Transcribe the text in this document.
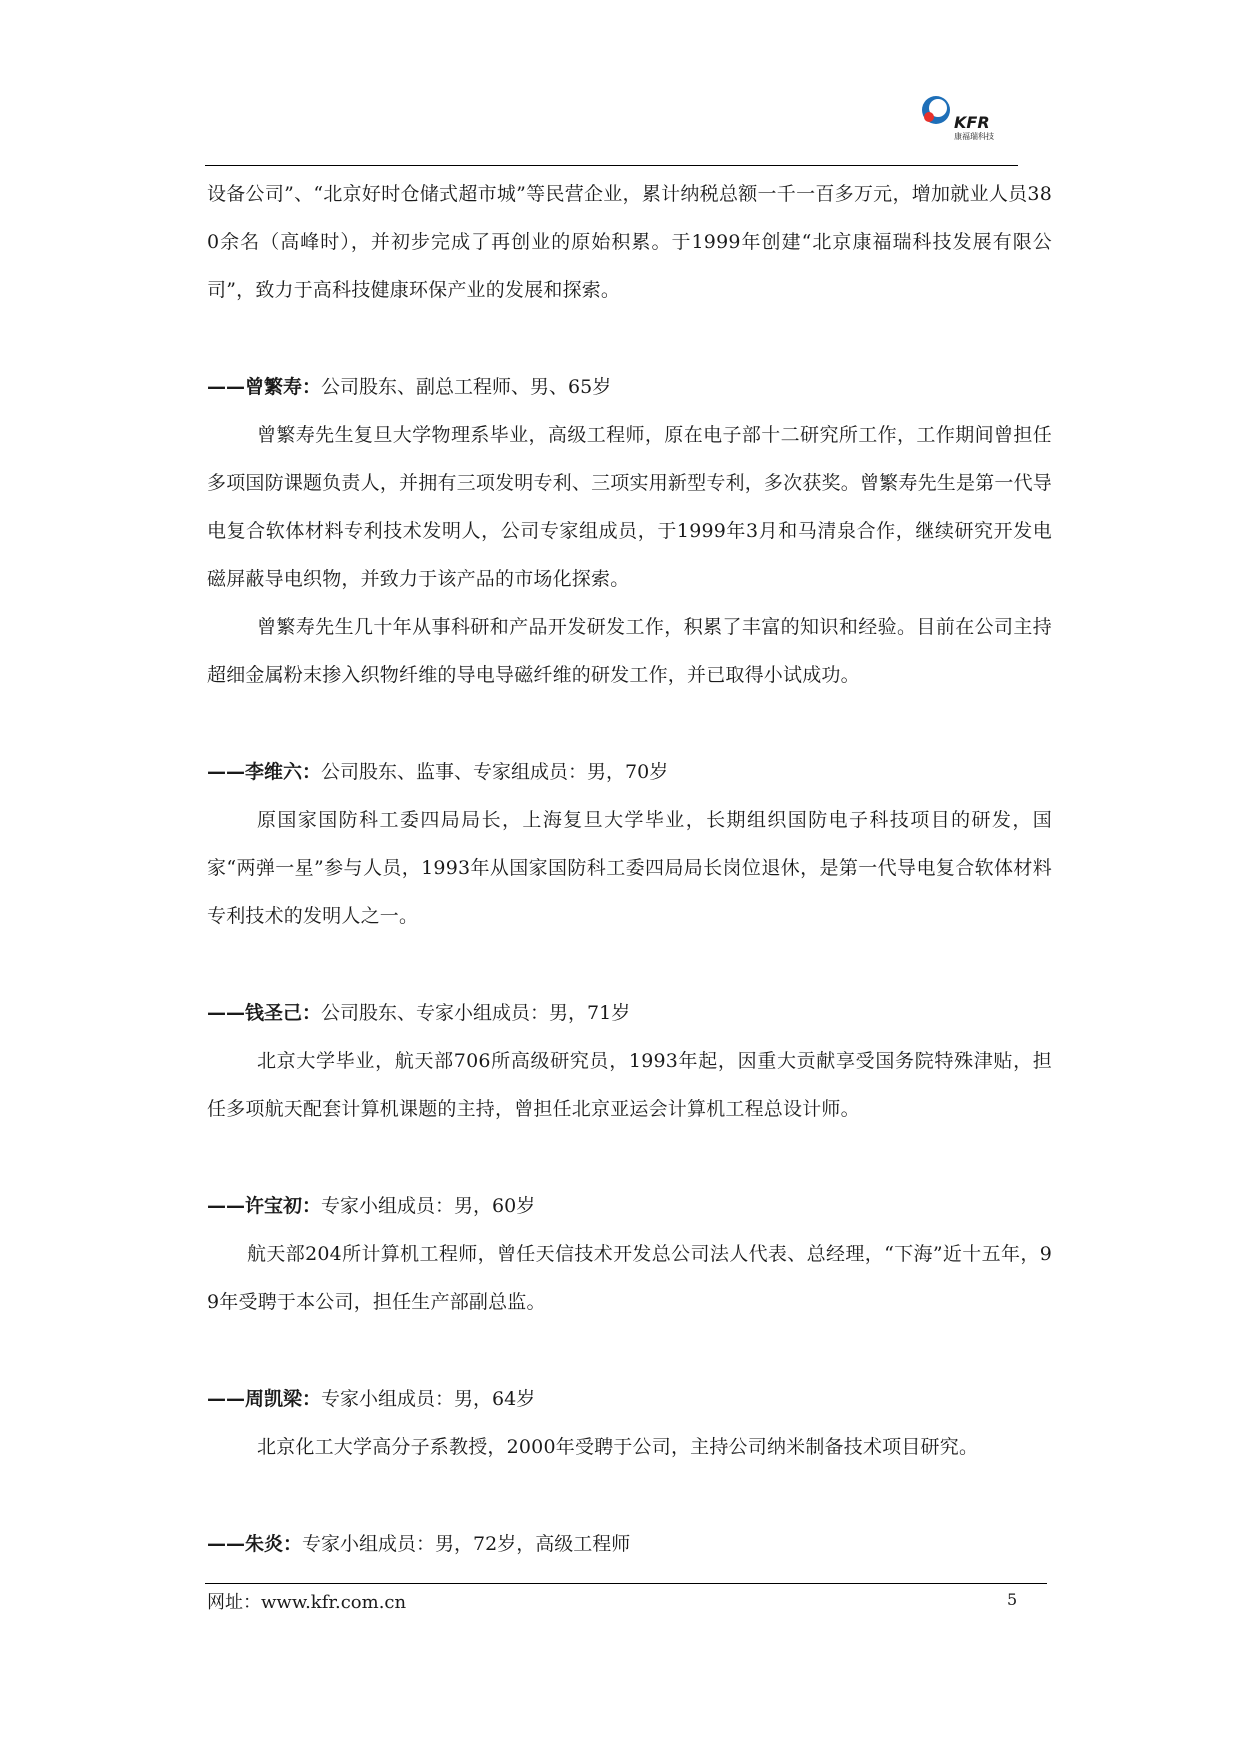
KFR
康福瑞科技

设备公司”、“北京好时仓储式超市城”等民营企业，累计纳税总额一千一百多万元，增加就业人员380余名（高峰时），并初步完成了再创业的原始积累。于1999年创建“北京康福瑞科技发展有限公司”，致力于高科技健康环保产业的发展和探索。

——曾繁寿：公司股东、副总工程师、男、65岁

曾繁寿先生复旦大学物理系毕业，高级工程师，原在电子部十二研究所工作，工作期间曾担任多项国防课题负责人，并拥有三项发明专利、三项实用新型专利，多次获奖。曾繁寿先生是第一代导电复合软体材料专利技术发明人，公司专家组成员，于1999年3月和马清泉合作，继续研究开发电磁屏蔽导电织物，并致力于该产品的市场化探索。

曾繁寿先生几十年从事科研和产品开发研发工作，积累了丰富的知识和经验。目前在公司主持超细金属粉末掺入织物纤维的导电导磁纤维的研发工作，并已取得小试成功。

——李维六：公司股东、监事、专家组成员：男，70岁

原国家国防科工委四局局长，上海复旦大学毕业，长期组织国防电子科技项目的研发，国家“两弹一星”参与人员，1993年从国家国防科工委四局局长岗位退休，是第一代导电复合软体材料专利技术的发明人之一。

——钱圣己：公司股东、专家小组成员：男，71岁

北京大学毕业，航天部706所高级研究员，1993年起，因重大贡献享受国务院特殊津贴，担任多项航天配套计算机课题的主持，曾担任北京亚运会计算机工程总设计师。

——许宝初：专家小组成员：男，60岁

航天部204所计算机工程师，曾任天信技术开发总公司法人代表、总经理，“下海”近十五年，99年受聘于本公司，担任生产部副总监。

——周凯梁：专家小组成员：男，64岁

北京化工大学高分子系教授，2000年受聘于公司，主持公司纳米制备技术项目研究。

——朱炎：专家小组成员：男，72岁，高级工程师

网址：www.kfr.com.cn	5
